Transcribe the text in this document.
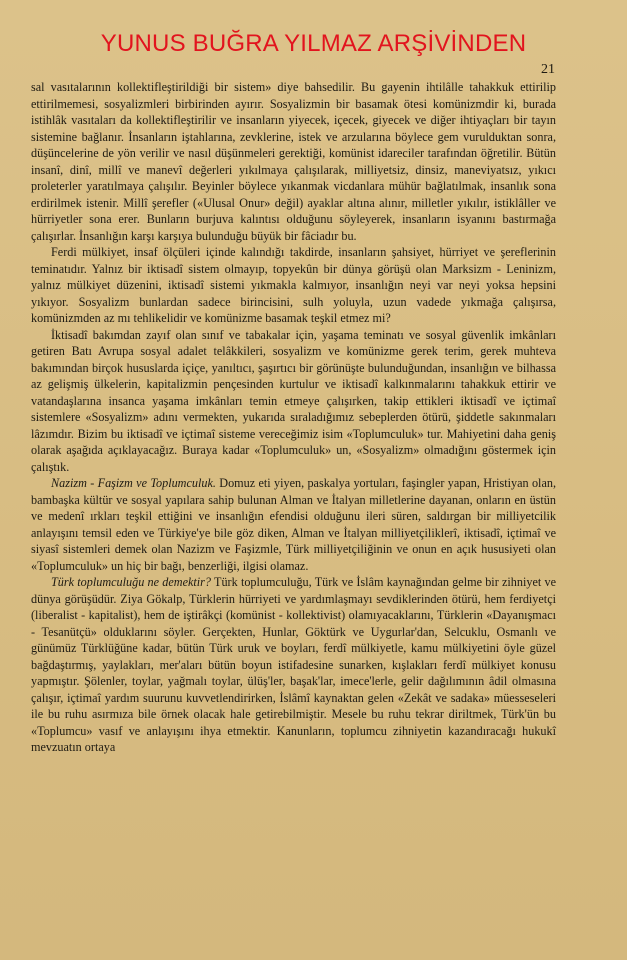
YUNUS BUĞRA YILMAZ ARŞİVİNDEN
21

sal vasıtalarının kollektifleştirildiği bir sistem» diye bahsedilir. Bu gayenin ihtilâlle tahakkuk ettirilip ettirilmemesi, sosyalizmleri birbirinden ayırır. Sosyalizmin bir basamak ötesi komünizmdir ki, burada istihlâk vasıtaları da kollektifleştirilir ve insanların yiyecek, içecek, giyecek ve diğer ihtiyaçları bir tayın sistemine bağlanır. İnsanların iştahlarına, zevklerine, istek ve arzularına böylece gem vurulduktan sonra, düşüncelerine de yön verilir ve nasıl düşünmeleri gerektiği, komünist idareciler tarafından öğretilir. Bütün insanî, dinî, millî ve manevî değerleri yıkılmaya çalışılarak, milliyetsiz, dinsiz, maneviyatsız, yıkıcı proleterler yaratılmaya çalışılır. Beyinler böylece yıkanmak vicdanlara mühür bağlatılmak, insanlık sona erdirilmek istenir. Millî şerefler («Ulusal Onur» değil) ayaklar altına alınır, milletler yıkılır, istiklâller ve hürriyetler sona erer. Bunların burjuva kalıntısı olduğunu söyleyerek, insanların isyanını bastırmağa çalışırlar. İnsanlığın karşı karşıya bulunduğu büyük bir fâciadır bu.

Ferdi mülkiyet, insaf ölçüleri içinde kalındığı takdirde, insanların şahsiyet, hürriyet ve şereflerinin teminatıdır. Yalnız bir iktisadî sistem olmayıp, topyekûn bir dünya görüşü olan Marksizm - Leninizm, yalnız mülkiyet düzenini, iktisadî sistemi yıkmakla kalmıyor, insanlığın neyi var neyi yoksa hepsini yıkıyor. Sosyalizm bunlardan sadece birincisini, sulh yoluyla, uzun vadede yıkmağa çalışırsa, komünizmden az mı tehlikelidir ve komünizme basamak teşkil etmez mi?

İktisadî bakımdan zayıf olan sınıf ve tabakalar için, yaşama teminatı ve sosyal güvenlik imkânları getiren Batı Avrupa sosyal adalet telâkkileri, sosyalizm ve komünizme gerek terim, gerek muhteva bakımından birçok hususlarda içiçe, yanıltıcı, şaşırtıcı bir görünüşte bulunduğundan, insanlığın ve bilhassa az gelişmiş ülkelerin, kapitalizmin pençesinden kurtulur ve iktisadî kalkınmalarını tahakkuk ettirir ve vatandaşlarına insanca yaşama imkânları temin etmeye çalışırken, takip ettikleri iktisadî ve içtimaî sistemlere «Sosyalizm» adını vermekten, yukarıda sıraladığımız sebeplerden ötürü, şiddetle sakınmaları lâzımdır. Bizim bu iktisadî ve içtimaî sisteme vereceğimiz isim «Toplumculuk» tur. Mahiyetini daha geniş olarak aşağıda açıklayacağız. Buraya kadar «Toplumculuk» un, «Sosyalizm» olmadığını göstermek için çalıştık.

Nazizm - Faşizm ve Toplumculuk. Domuz eti yiyen, paskalya yortuları, faşingler yapan, Hristiyan olan, bambaşka kültür ve sosyal yapılara sahip bulunan Alman ve İtalyan milletlerine dayanan, onların en üstün ve medenî ırkları teşkil ettiğini ve insanlığın efendisi olduğunu ileri süren, saldırgan bir milliyetcilik anlayışını temsil eden ve Türkiye'ye bile göz diken, Alman ve İtalyan milliyetçiliklerî, iktisadî, içtimaî ve siyasî sistemleri demek olan Nazizm ve Faşizmle, Türk milliyetçiliğinin ve onun en açık hususiyeti olan «Toplumculuk» un hiç bir bağı, benzerliği, ilgisi olamaz.

Türk toplumculuğu ne demektir? Türk toplumculuğu, Türk ve İslâm kaynağından gelme bir zihniyet ve dünya görüşüdür. Ziya Gökalp, Türklerin hürriyeti ve yardımlaşmayı sevdiklerinden ötürü, hem ferdiyetçi (liberalist - kapitalist), hem de iştirâkçi (komünist - kollektivist) olamıyacaklarını, Türklerin «Dayanışmacı - Tesanütçü» olduklarını söyler. Gerçekten, Hunlar, Göktürk ve Uygurlar'dan, Selcuklu, Osmanlı ve günümüz Türklüğüne kadar, bütün Türk uruk ve boyları, ferdî mülkiyetle, kamu mülkiyetini öyle güzel bağdaştırmış, yaylakları, mer'aları bütün boyun istifadesine sunarken, kışlakları ferdî mülkiyet konusu yapmıştır. Şölenler, toylar, yağmalı toylar, ülüş'ler, başak'lar, imece'lerle, gelir dağılımının âdil olmasına çalışır, içtimaî yardım suurunu kuvvetlendirirken, İslâmî kaynaktan gelen «Zekât ve sadaka» müesseseleri ile bu ruhu asırmıza bile örnek olacak hale getirebilmiştir. Mesele bu ruhu tekrar diriltmek, Türk'ün bu «Toplumcu» vasıf ve anlayışını ihya etmektir. Kanunların, toplumcu zihniyetin kazandıracağı hukukî mevzuatın ortaya
